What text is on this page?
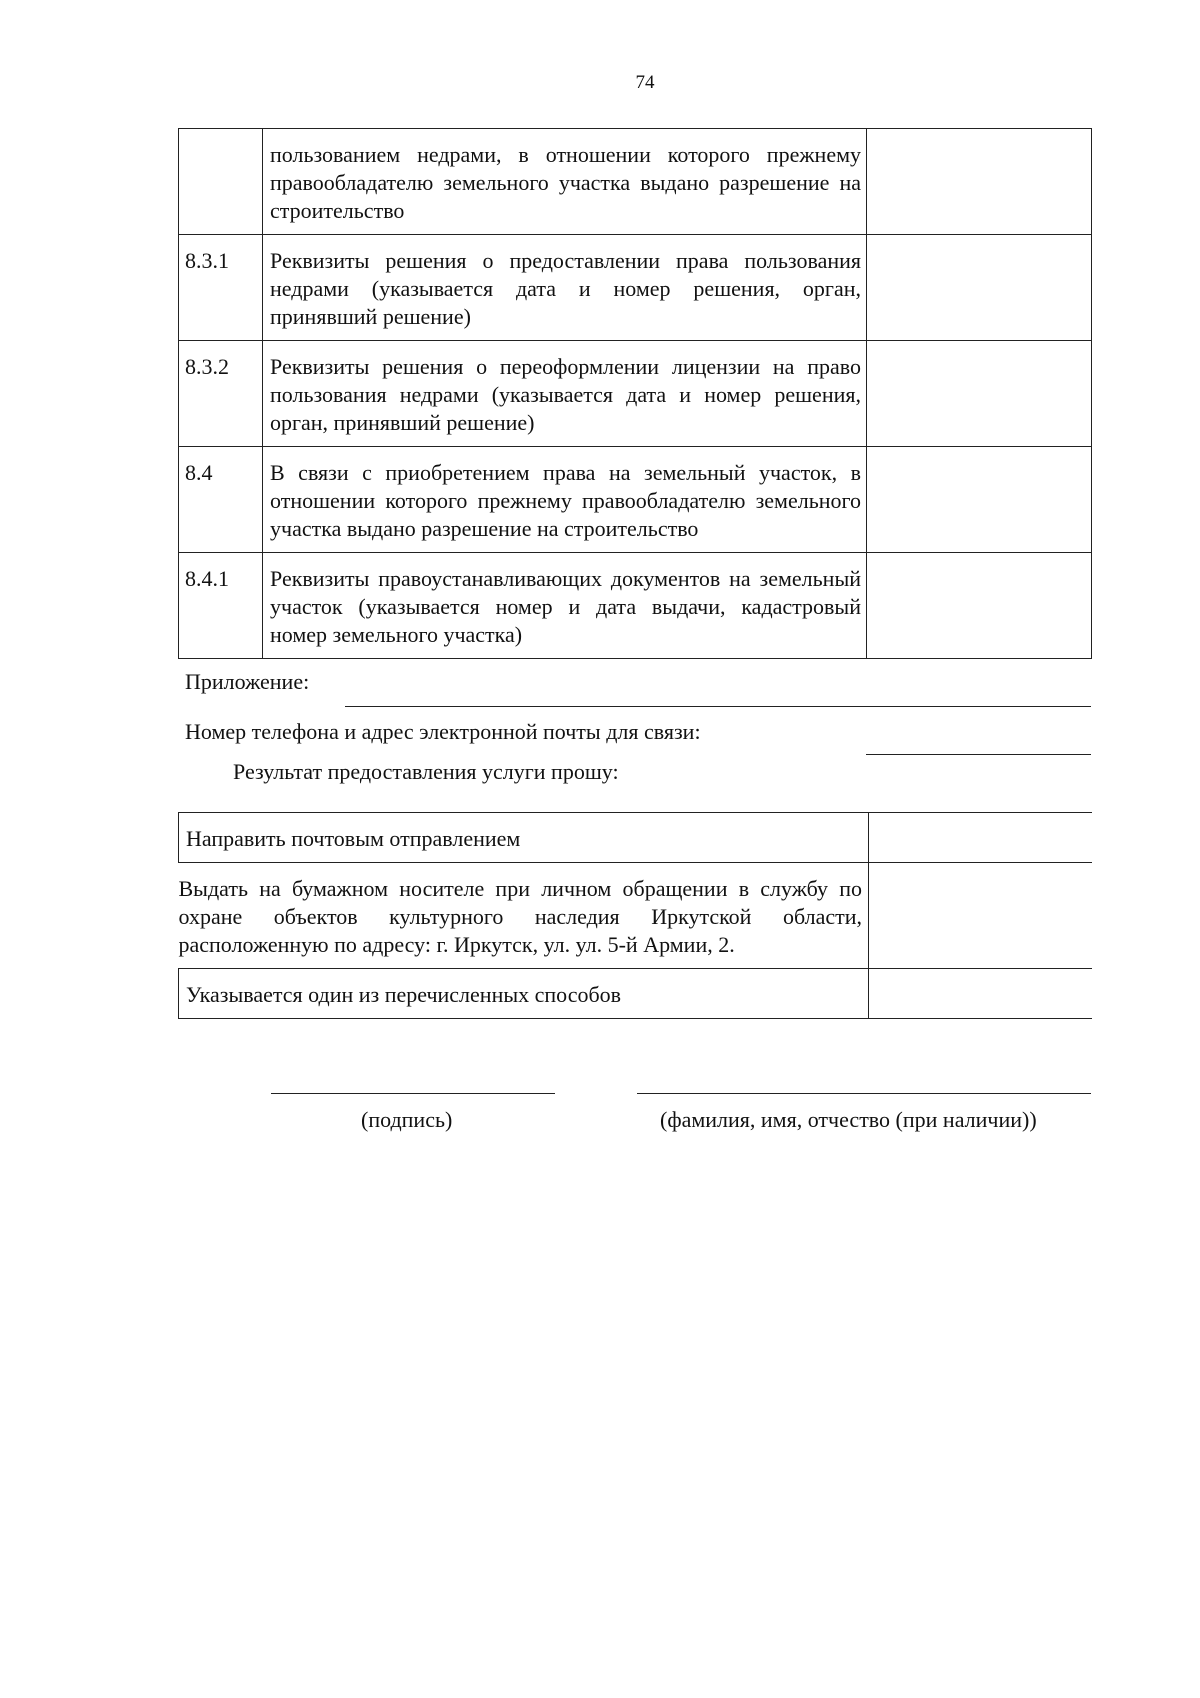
74
	пользованием недрами, в отношении которого прежнему правообладателю земельного участка выдано разрешение на строительство	
8.3.1	Реквизиты решения о предоставлении права пользования недрами (указывается дата и номер решения, орган, принявший решение)	
8.3.2	Реквизиты решения о переоформлении лицензии на право пользования недрами (указывается дата и номер решения, орган, принявший решение)	
8.4	В связи с приобретением права на земельный участок, в отношении которого прежнему правообладателю земельного участка выдано разрешение на строительство	
8.4.1	Реквизиты правоустанавливающих документов на земельный участок (указывается номер и дата выдачи, кадастровый номер земельного участка)	
Приложение:
Номер телефона и адрес электронной почты для связи:
Результат предоставления услуги прошу:
Направить почтовым отправлением	
Выдать на бумажном носителе при личном обращении в службу по охране объектов культурного наследия Иркутской области, расположенную по адресу: г. Иркутск, ул. ул. 5-й Армии, 2.	
Указывается один из перечисленных способов	
(подпись)	(фамилия, имя, отчество (при наличии))
